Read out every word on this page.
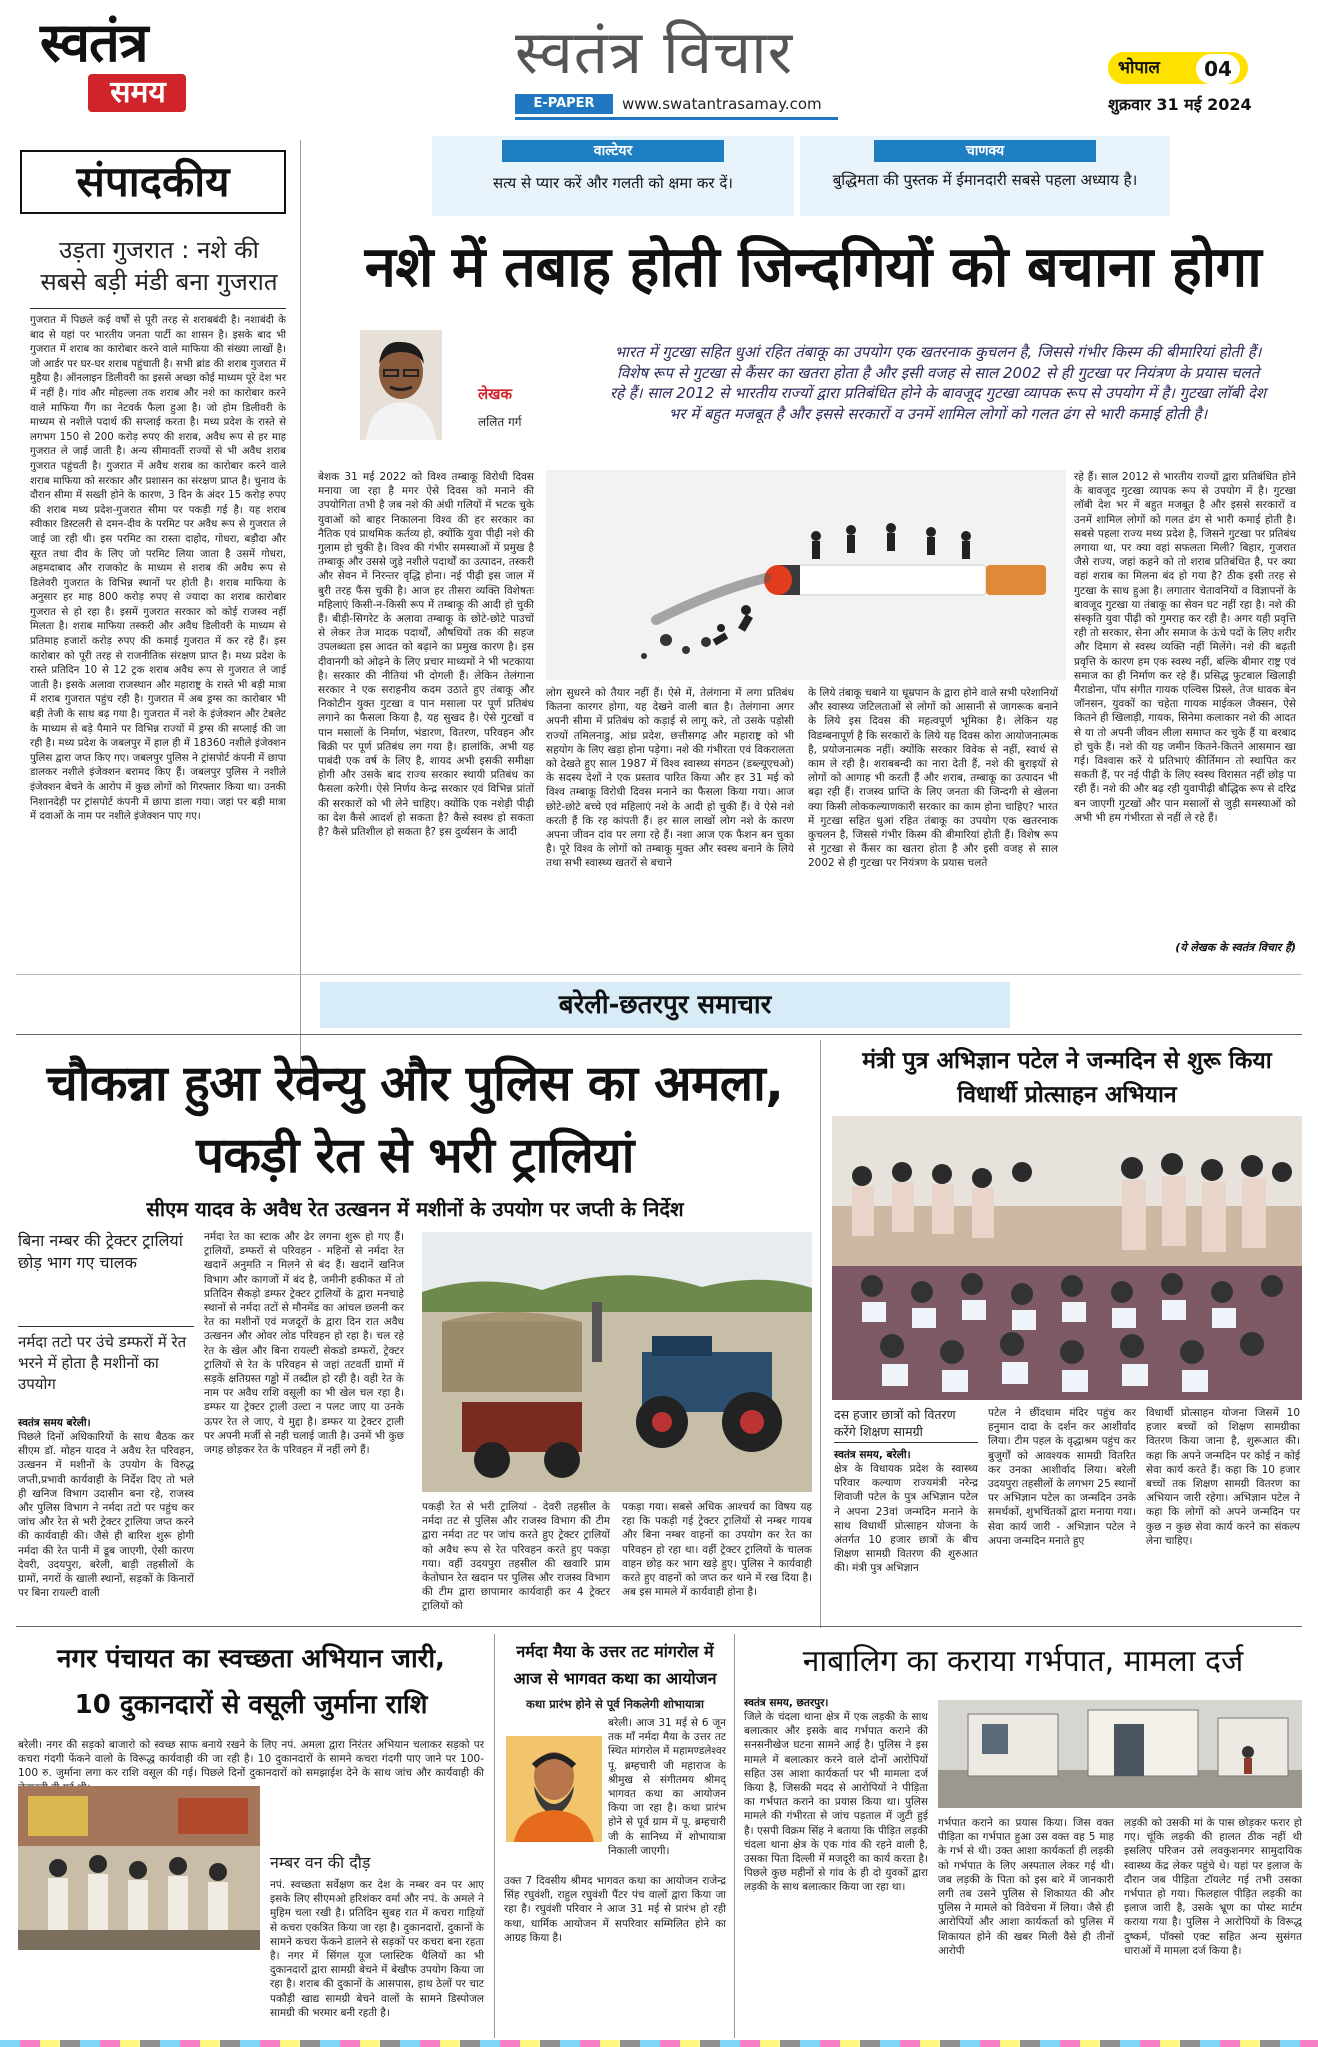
स्वतंत्र
समय
स्वतंत्र विचार
E-PAPER	www.swatantrasamay.com
भोपाल	04
शुक्रवार 31 मई 2024
संपादकीय
उड़ता गुजरात : नशे की सबसे बड़ी मंडी बना गुजरात
गुजरात में पिछले कई वर्षों से पूरी तरह से शराबबंदी है। नशाबंदी के बाद से यहां पर भारतीय जनता पार्टी का शासन है। इसके बाद भी गुजरात में शराब का कारोबार करने वाले माफिया की संख्या लाखों है। जो आर्डर पर घर-घर शराब पहुंचाती है। सभी ब्रांड की शराब गुजरात में मुहैया है। ऑनलाइन डिलीवरी का इससे अच्छा कोई माध्यम पूरे देश भर में नहीं है। गांव और मोहल्ला तक शराब और नशे का कारोबार करने वाले माफिया गैंग का नेटवर्क फैला हुआ है। जो होम डिलीवरी के माध्यम से नशीले पदार्थ की सप्लाई करता है। मध्य प्रदेश के रास्ते से लगभग 150 से 200 करोड़ रुपए की शराब, अवैध रूप से हर माह गुजरात ले जाई जाती है। अन्य सीमावर्ती राज्यों से भी अवैध शराब गुजरात पहुंचती है। गुजरात में अवैध शराब का कारोबार करने वाले शराब माफिया को सरकार और प्रशासन का संरक्षण प्राप्त है। चुनाव के दौरान सीमा में सख्ती होने के कारण, 3 दिन के अंदर 15 करोड़ रुपए की शराब मध्य प्रदेश-गुजरात सीमा पर पकड़ी गई है। यह शराब स्वीकार डिस्टलरी से दमन-दीव के परमिट पर अवैध रूप से गुजरात ले जाई जा रही थी। इस परमिट का रास्ता दाहोद, गोधरा, बड़ौदा और सूरत तथा दीव के लिए जो परमिट लिया जाता है उसमें गोधरा, अहमदाबाद और राजकोट के माध्यम से शराब की अवैध रूप से डिलेवरी गुजरात के विभिन्न स्थानों पर होती है। शराब माफिया के अनुसार हर माह 800 करोड़ रुपए से ज्यादा का शराब कारोबार गुजरात से हो रहा है। इसमें गुजरात सरकार को कोई राजस्व नहीं मिलता है। शराब माफिया तस्करी और अवैध डिलीवरी के माध्यम से प्रतिमाह हजारों करोड़ रुपए की कमाई गुजरात में कर रहे हैं। इस कारोबार को पूरी तरह से राजनीतिक संरक्षण प्राप्त है। मध्य प्रदेश के रास्ते प्रतिदिन 10 से 12 ट्रक शराब अवैध रूप से गुजरात ले जाई जाती है। इसके अलावा राजस्थान और महाराष्ट्र के रास्ते भी बड़ी मात्रा में शराब गुजरात पहुंच रही है। गुजरात में अब ड्रग्स का कारोबार भी बड़ी तेजी के साथ बढ़ गया है। गुजरात में नशे के इंजेक्शन और टेबलेट के माध्यम से बड़े पैमाने पर विभिन्न राज्यों में ड्रग्स की सप्लाई की जा रही है। मध्य प्रदेश के जबलपुर में हाल ही में 18360 नशीले इंजेक्शन पुलिस द्वारा जप्त किए गए। जबलपुर पुलिस ने ट्रांसपोर्ट कंपनी में छापा डालकर नशीले इंजेक्शन बरामद किए हैं। जबलपुर पुलिस ने नशीले इंजेक्शन बेचने के आरोप में कुछ लोगों को गिरफ्तार किया था। उनकी निशानदेही पर ट्रांसपोर्ट कंपनी में छापा डाला गया। जहां पर बड़ी मात्रा में दवाओं के नाम पर नशीले इंजेक्शन पाए गए।
वाल्टेयर
सत्य से प्यार करें और गलती को क्षमा कर दें।
चाणक्य
बुद्धिमता की पुस्तक में ईमानदारी सबसे पहला अध्याय है।
नशे में तबाह होती जिन्दगियों को बचाना होगा
लेखक
ललित गर्ग
भारत में गुटखा सहित धुआं रहित तंबाकू का उपयोग एक खतरनाक कुचलन है, जिससे गंभीर किस्म की बीमारियां होती हैं। विशेष रूप से गुटखा से कैंसर का खतरा होता है और इसी वजह से साल 2002 से ही गुटखा पर नियंत्रण के प्रयास चलते रहे हैं। साल 2012 से भारतीय राज्यों द्वारा प्रतिबंधित होने के बावजूद गुटखा व्यापक रूप से उपयोग में है। गुटखा लॉबी देश भर में बहुत मजबूत है और इससे सरकारों व उनमें शामिल लोगों को गलत ढंग से भारी कमाई होती है।
बेशक 31 मई 2022 को विश्व तम्बाकू विरोधी दिवस मनाया जा रहा है मगर ऐसे दिवस को मनाने की उपयोगिता तभी है जब नशे की अंधी गलियों में भटक चुके युवाओं को बाहर निकालना विश्व की हर सरकार का नैतिक एवं प्राथमिक कर्तव्य हो, क्योंकि युवा पीढ़ी नशे की गुलाम हो चुकी है। विश्व की गंभीर समस्याओं में प्रमुख है तम्बाकू और उससे जुड़े नशीले पदार्थों का उत्पादन, तस्करी और सेवन में निरन्तर वृद्धि होना। नई पीढ़ी इस जाल में बुरी तरह फैंस चुकी है। आज हर तीसरा व्यक्ति विशेषतः महिलाएं किसी-न-किसी रूप में तम्बाकू की आदी हो चुकी हैं। बीड़ी-सिगरेट के अलावा तम्बाकू के छोटे-छोटे पाउचों से लेकर तेज मादक पदार्थों, औषधियों तक की सहज उपलब्धता इस आदत को बढ़ाने का प्रमुख कारण है। इस दीवानगी को ओढ़ने के लिए प्रचार माध्यमों ने भी भटकाया है। सरकार की नीतियां भी दोगली हैं। लेकिन तेलंगाना सरकार ने एक सराहनीय कदम उठाते हुए तंबाकू और निकोटीन युक्त गुटखा व पान मसाला पर पूर्ण प्रतिबंध लगाने का फैसला किया है, यह सुखद है। ऐसे गुटखों व पान मसालों के निर्माण, भंडारण, वितरण, परिवहन और बिक्री पर पूर्ण प्रतिबंध लग गया है। हालांकि, अभी यह पाबंदी एक वर्ष के लिए है, शायद अभी इसकी समीक्षा होगी और उसके बाद राज्य सरकार स्थायी प्रतिबंध का फैसला करेगी। ऐसे निर्णय केन्द्र सरकार एवं विभिन्न प्रांतों की सरकारों को भी लेने चाहिए। क्योंकि एक नशेड़ी पीढ़ी का देश कैसे आदर्श हो सकता है? कैसे स्वस्थ हो सकता है? कैसे प्रतिशील हो सकता है? इस दुर्व्यसन के आदी
लोग सुधरने को तैयार नहीं हैं। ऐसे में, तेलंगाना में लगा प्रतिबंध कितना कारगर होगा, यह देखने वाली बात है। तेलंगाना अगर अपनी सीमा में प्रतिबंध को कड़ाई से लागू करे, तो उसके पड़ोसी राज्यों तमिलनाडु, आंध्र प्रदेश, छत्तीसगढ़ और महाराष्ट्र को भी सहयोग के लिए खड़ा होना पड़ेगा। नशे की गंभीरता एवं विकरालता को देखते हुए साल 1987 में विश्व स्वास्थ्य संगठन (डब्ल्यूएचओ) के सदस्य देशों ने एक प्रस्ताव पारित किया और हर 31 मई को विश्व तम्बाकू विरोधी दिवस मनाने का फैसला किया गया। आज छोटे-छोटे बच्चे एवं महिलाएं नशे के आदी हो चुकी हैं। वे ऐसे नशे करती हैं कि रह कांपती हैं। हर साल लाखों लोग नशे के कारण अपना जीवन दांव पर लगा रहे हैं। नशा आज एक फैशन बन चुका है। पूरे विश्व के लोगों को तम्बाकू मुक्त और स्वस्थ बनाने के लिये तथा सभी स्वास्थ्य खतरों से बचाने
के लिये तंबाकू चबाने या धूम्रपान के द्वारा होने वाले सभी परेशानियों और स्वास्थ्य जटिलताओं से लोगों को आसानी से जागरूक बनाने के लिये इस दिवस की महत्वपूर्ण भूमिका है। लेकिन यह विडम्बनापूर्ण है कि सरकारों के लिये यह दिवस कोरा आयोजनात्मक है, प्रयोजनात्मक नहीं। क्योंकि सरकार विवेक से नहीं, स्वार्थ से काम ले रही है। शराबबन्दी का नारा देती हैं, नशे की बुराइयों से लोगों को आगाह भी करती हैं और शराब, तम्बाकू का उत्पादन भी बढ़ा रही हैं। राजस्व प्राप्ति के लिए जनता की जिन्दगी से खेलना क्या किसी लोककल्याणकारी सरकार का काम होना चाहिए? भारत में गुटखा सहित धुआं रहित तंबाकू का उपयोग एक खतरनाक कुचलन है, जिससे गंभीर किस्म की बीमारियां होती हैं। विशेष रूप से गुटखा से कैंसर का खतरा होता है और इसी वजह से साल 2002 से ही गुटखा पर नियंत्रण के प्रयास चलते
रहे हैं। साल 2012 से भारतीय राज्यों द्वारा प्रतिबंधित होने के बावजूद गुटखा व्यापक रूप से उपयोग में है। गुटखा लॉबी देश भर में बहुत मजबूत है और इससे सरकारों व उनमें शामिल लोगों को गलत ढंग से भारी कमाई होती है। सबसे पहला राज्य मध्य प्रदेश है, जिसने गुटखा पर प्रतिबंध लगाया था, पर क्या वहां सफलता मिली? बिहार, गुजरात जैसे राज्य, जहां कहने को तो शराब प्रतिबंधित है, पर क्या वहां शराब का मिलना बंद हो गया है? ठीक इसी तरह से गुटखा के साथ हुआ है। लगातार चेतावनियों व विज्ञापनों के बावजूद गुटखा या तंबाकू का सेवन घट नहीं रहा है। नशे की संस्कृति युवा पीढ़ी को गुमराह कर रही है। अगर यही प्रवृत्ति रही तो सरकार, सेना और समाज के ऊंचे पदों के लिए शरीर और दिमाग से स्वस्थ व्यक्ति नहीं मिलेंगे। नशे की बढ़ती प्रवृत्ति के कारण हम एक स्वस्थ नहीं, बल्कि बीमार राष्ट्र एवं समाज का ही निर्माण कर रहे हैं। प्रसिद्ध फुटबाल खिलाड़ी मैराडोना, पॉप संगीत गायक एल्विस प्रिस्ले, तेज धावक बेन जॉनसन, युवकों का चहेता गायक माईकल जैक्सन, ऐसे कितने ही खिलाड़ी, गायक, सिनेमा कलाकार नशे की आदत से या तो अपनी जीवन लीला समाप्त कर चुके हैं या बरबाद हो चुके हैं। नशे की यह जमीन कितने-कितने आसमान खा गई। विश्वास करें ये प्रतिभाएं कीर्तिमान तो स्थापित कर सकती हैं, पर नई पीढ़ी के लिए स्वस्थ विरासत नहीं छोड़ पा रही हैं। नशे की और बढ़ रही युवापीढ़ी बौद्धिक रूप से दरिद्र बन जाएगी गुटखों और पान मसालों से जुड़ी समस्याओं को अभी भी हम गंभीरता से नहीं ले रहे हैं।
(ये लेखक के स्वतंत्र विचार हैं)
बरेली-छतरपुर समाचार
चौकन्ना हुआ रेवेन्यु और पुलिस का अमला, पकड़ी रेत से भरी ट्रालियां
सीएम यादव के अवैध रेत उत्खनन में मशीनों के उपयोग पर जप्ती के निर्देश
बिना नम्बर की ट्रेक्टर ट्रालियां छोड़ भाग गए चालक
नर्मदा तटो पर उंचे डम्फरों में रेत भरने में होता है मशीनों का उपयोग
स्वतंत्र समय बरेली।
पिछले दिनों अधिकारियों के साथ बैठक कर सीएम डॉ. मोहन यादव ने अवैध रेत परिवहन, उत्खनन में मशीनों के उपयोग के विरुद्ध जप्ती,प्रभावी कार्यवाही के निर्देश दिए तो भले ही खनिज विभाग उदासीन बना रहे, राजस्व और पुलिस विभाग ने नर्मदा तटो पर पहुंच कर जांच और रेत से भरी ट्रेक्टर ट्रालिया जप्त करने की कार्यवाही की। जैसे ही बारिश शुरू होगी नर्मदा की रेत पानी में डूब जाएगी, ऐसी कारण देवरी, उदयपुरा, बरेली, बाड़ी तहसीलों के ग्रामों, नगरों के खाली स्थानों, सड़कों के किनारों पर बिना रायल्टी वाली
नर्मदा रेत का स्टाक और ढेर लगना शुरू हो गए हैं। ट्रालियों, डम्फरों से परिवहन - महिनों से नर्मदा रेत खदानें अनुमति न मिलने से बंद हैं। खदानें खनिज विभाग और कागजों में बंद है, जमीनी हकीकत में तो प्रतिदिन सैकड़ो डम्फर ट्रेक्टर ट्रालियों के द्वारा मनचाहे स्थानों से नर्मदा तटों से मौनमेंड का आंचल छलनी कर रेत का मशीनों एवं मजदूरों के द्वारा दिन रात अवैध उत्खनन और ओवर लोड परिवहन हो रहा है। चल रहे रेत के खेल और बिना रायल्टी सेकडो डम्फरों, ट्रेक्टर ट्रालियों से रेत के परिवहन से जहां तटवर्ती ग्रामों में सड़कें क्षतिग्रस्त गड्ढो में तब्दील हो रही है। वही रेत के नाम पर अवैध राशि वसूली का भी खेल चल रहा है। डम्फर या ट्रेक्टर ट्राली उल्टा न पलट जाए या उनके ऊपर रेत ले जाए, ये मुद्दा है। डम्फर या ट्रेक्टर ट्राली पर अपनी मर्जी से नही चलाई जाती है। उनमें भी कुछ जगह छोड़कर रेत के परिवहन में नहीं लगे हैं।
पकड़ी रेत से भरी ट्रालियां - देवरी तहसील के नर्मदा तट से पुलिस और राजस्व विभाग की टीम द्वारा नर्मदा तट पर जांच करते हुए ट्रेक्टर ट्रालियों को अवैध रूप से रेत परिवहन करते हुए पकड़ा गया। वहीं उदयपुरा तहसील की खवारि प्राम केतोघान रेत खदान पर पुलिस और राजस्व विभाग की टीम द्वारा छापामार कार्यवाही कर 4 ट्रेक्टर ट्रालियों को
पकड़ा गया। सबसे अधिक आश्चर्य का विषय यह रहा कि पकड़ी गई ट्रेक्टर ट्रालियों से नम्बर गायब और बिना नम्बर वाहनों का उपयोग कर रेत का परिवहन हो रहा था। वहीं ट्रेक्टर ट्रालियों के चालक वाहन छोड़ कर भाग खड़े हुए। पुलिस ने कार्यवाही करते हुए वाहनों को जप्त कर थाने में रख दिया है। अब इस मामले में कार्यवाही होना है।
मंत्री पुत्र अभिज्ञान पटेल ने जन्मदिन से शुरू किया विधार्थी प्रोत्साहन अभियान
दस हजार छात्रों को वितरण करेंगे शिक्षण सामग्री
स्वतंत्र समय, बरेली।
क्षेत्र के विधायक प्रदेश के स्वास्थ्य परिवार कल्याण राज्यमंत्री नरेन्द्र शिवाजी पटेल के पुत्र अभिज्ञान पटेल ने अपना 23वां जन्मदिन मनाने के साथ विधार्थी प्रोत्साहन योजना के अंतर्गत 10 हजार छात्रों के बीच शिक्षण सामग्री वितरण की शुरुआत की। मंत्री पुत्र अभिज्ञान
पटेल ने छींदधाम मंदिर पहुंच कर हनुमान दादा के दर्शन कर आशीर्वाद लिया। टीम पहल के वृद्धाश्रम पहुंच कर बुजुर्गों को आवश्यक सामग्री वितरित कर उनका आशीर्वाद लिया। बरेली उदयपुरा तहसीलों के लगभग 25 स्थानों पर अभिज्ञान पटेल का जन्मदिन उनके समर्थकों, शुभचिंतकों द्वारा मनाया गया। सेवा कार्य जारी - अभिज्ञान पटेल ने अपना जन्मदिन मनाते हुए
विधार्थी प्रोत्साहन योजना जिसमें 10 हजार बच्चों को शिक्षण सामग्रीका वितरण किया जाना है, शुरूआत की। कहा कि अपने जन्मदिन पर कोई न कोई सेवा कार्य करते हैं। कहा कि 10 हजार बच्चों तक शिक्षण सामग्री वितरण का अभियान जारी रहेगा। अभिज्ञान पटेल ने कहा कि लोगों को अपने जन्मदिन पर कुछ न कुछ सेवा कार्य करने का संकल्प लेना चाहिए।
नगर पंचायत का स्वच्छता अभियान जारी,
10 दुकानदारों से वसूली जुर्माना राशि
बरेली। नगर की सड़को बाजारो को स्वच्छ साफ बनाये रखने के लिए नपं. अमला द्वारा निरंतर अभियान चलाकर सड़को पर कचरा गंदगी फेंकने वालो के विरूद्ध कार्यवाही की जा रही है। 10 दुकानदारों के सामने कचरा गंदगी पाए जाने पर 100-100 रु. जुर्माना लगा कर राशि वसूल की गई। पिछले दिनों दुकानदारों को समझाईश देने के साथ जांच और कार्यवाही की
नम्बर वन की दौड़
नपं. स्वच्छता सर्वेक्षण कर देश के नम्बर वन पर आए इसके लिए सीएमओ हरिशंकर वर्मा और नपं. के अमले ने मुहिम चला रखी है। प्रतिदिन सुबह रात में कचरा गाड़ियों से कचरा एकत्रित किया जा रहा है। दुकानदारों, दुकानों के सामने कचरा फेंकने डालने से सड़कों पर कचरा बना रहता है। नगर में सिंगल यूज प्लास्टिक थैलियों का भी दुकानदारों द्वारा सामग्री बेचने में बेखौफ उपयोग किया जा रहा है। शराब की दुकानों के आसपास, हाथ ठेलों पर चाट पकौड़ी खाद्य सामग्री बेचने वालों के सामने डिस्पोजल सामग्री की भरमार बनी रहती है।
नर्मदा मैया के उत्तर तट मांगरोल में आज से भागवत कथा का आयोजन
कथा प्रारंभ होने से पूर्व निकलेगी शोभायात्रा
बरेली। आज 31 मई से 6 जून तक माँ नर्मदा मैया के उत्तर तट स्थित मांगरोल में महामण्डलेश्वर पू. ब्रम्हचारी जी महाराज के श्रीमुख से संगीतमय श्रीमद् भागवत कथा का आयोजन किया जा रहा है। कथा प्रारंभ होने से पूर्व ग्राम में पू. ब्रम्हचारी जी के सानिध्य में शोभायात्रा निकाली जाएगी।
उक्त 7 दिवसीय श्रीमद भागवत कथा का आयोजन राजेन्द्र सिंह रघुवंशी, राहुल रघुवंशी पैंटर पंच वालों द्वारा किया जा रहा है। रघुवंशी परिवार ने आज 31 मई से प्रारंभ हो रही कथा, धार्मिक आयोजन में सपरिवार सम्मिलित होने का आग्रह किया है।
नाबालिग का कराया गर्भपात, मामला दर्ज
स्वतंत्र समय, छतरपुर।
जिले के चंदला थाना क्षेत्र में एक लड़की के साथ बलात्कार और इसके बाद गर्भपात कराने की सनसनीखेज घटना सामने आई है। पुलिस ने इस मामले में बलात्कार करने वाले दोनों आरोपियों सहित उस आशा कार्यकर्ता पर भी मामला दर्ज किया है, जिसकी मदद से आरोपियों ने पीड़िता का गर्भपात कराने का प्रयास किया था। पुलिस मामले की गंभीरता से जांच पड़ताल में जुटी हुई है। एसपी विक्रम सिंह ने बताया कि पीड़ित लड़की चंदला थाना क्षेत्र के एक गांव की रहने वाली है, उसका पिता दिल्ली में मजदूरी का कार्य करता है। पिछले कुछ महीनों से गांव के ही दो युवकों द्वारा लड़की के साथ बलात्कार किया जा रहा था।
गर्भपात कराने का प्रयास किया। जिस वक्त पीड़िता का गर्भपात हुआ उस वक्त वह 5 माह के गर्भ से थी। उक्त आशा कार्यकर्ता ही लड़की को गर्भपात के लिए अस्पताल लेकर गई थी। जब लड़की के पिता को इस बारे में जानकारी लगी तब उसने पुलिस से शिकायत की और पुलिस ने मामले को विवेचना में लिया। जैसे ही आरोपियों और आशा कार्यकर्ता को पुलिस में शिकायत होने की खबर मिली वैसे ही तीनों आरोपी
लड़की को उसकी मां के पास छोड़कर फरार हो गए। चूंकि लड़की की हालत ठीक नहीं थी इसलिए परिजन उसे लवकुशनगर सामुदायिक स्वास्थ्य केंद्र लेकर पहुंचे थे। यहां पर इलाज के दौरान जब पीड़िता टॉयलेट गई तभी उसका गर्भपात हो गया। फिलहाल पीड़ित लड़की का इलाज जारी है, उसके भ्रूण का पोस्ट मार्टम कराया गया है। पुलिस ने आरोपियों के विरूद्ध दुष्कर्म, पॉक्सो एक्ट सहित अन्य सुसंगत धाराओं में मामला दर्ज किया है।
